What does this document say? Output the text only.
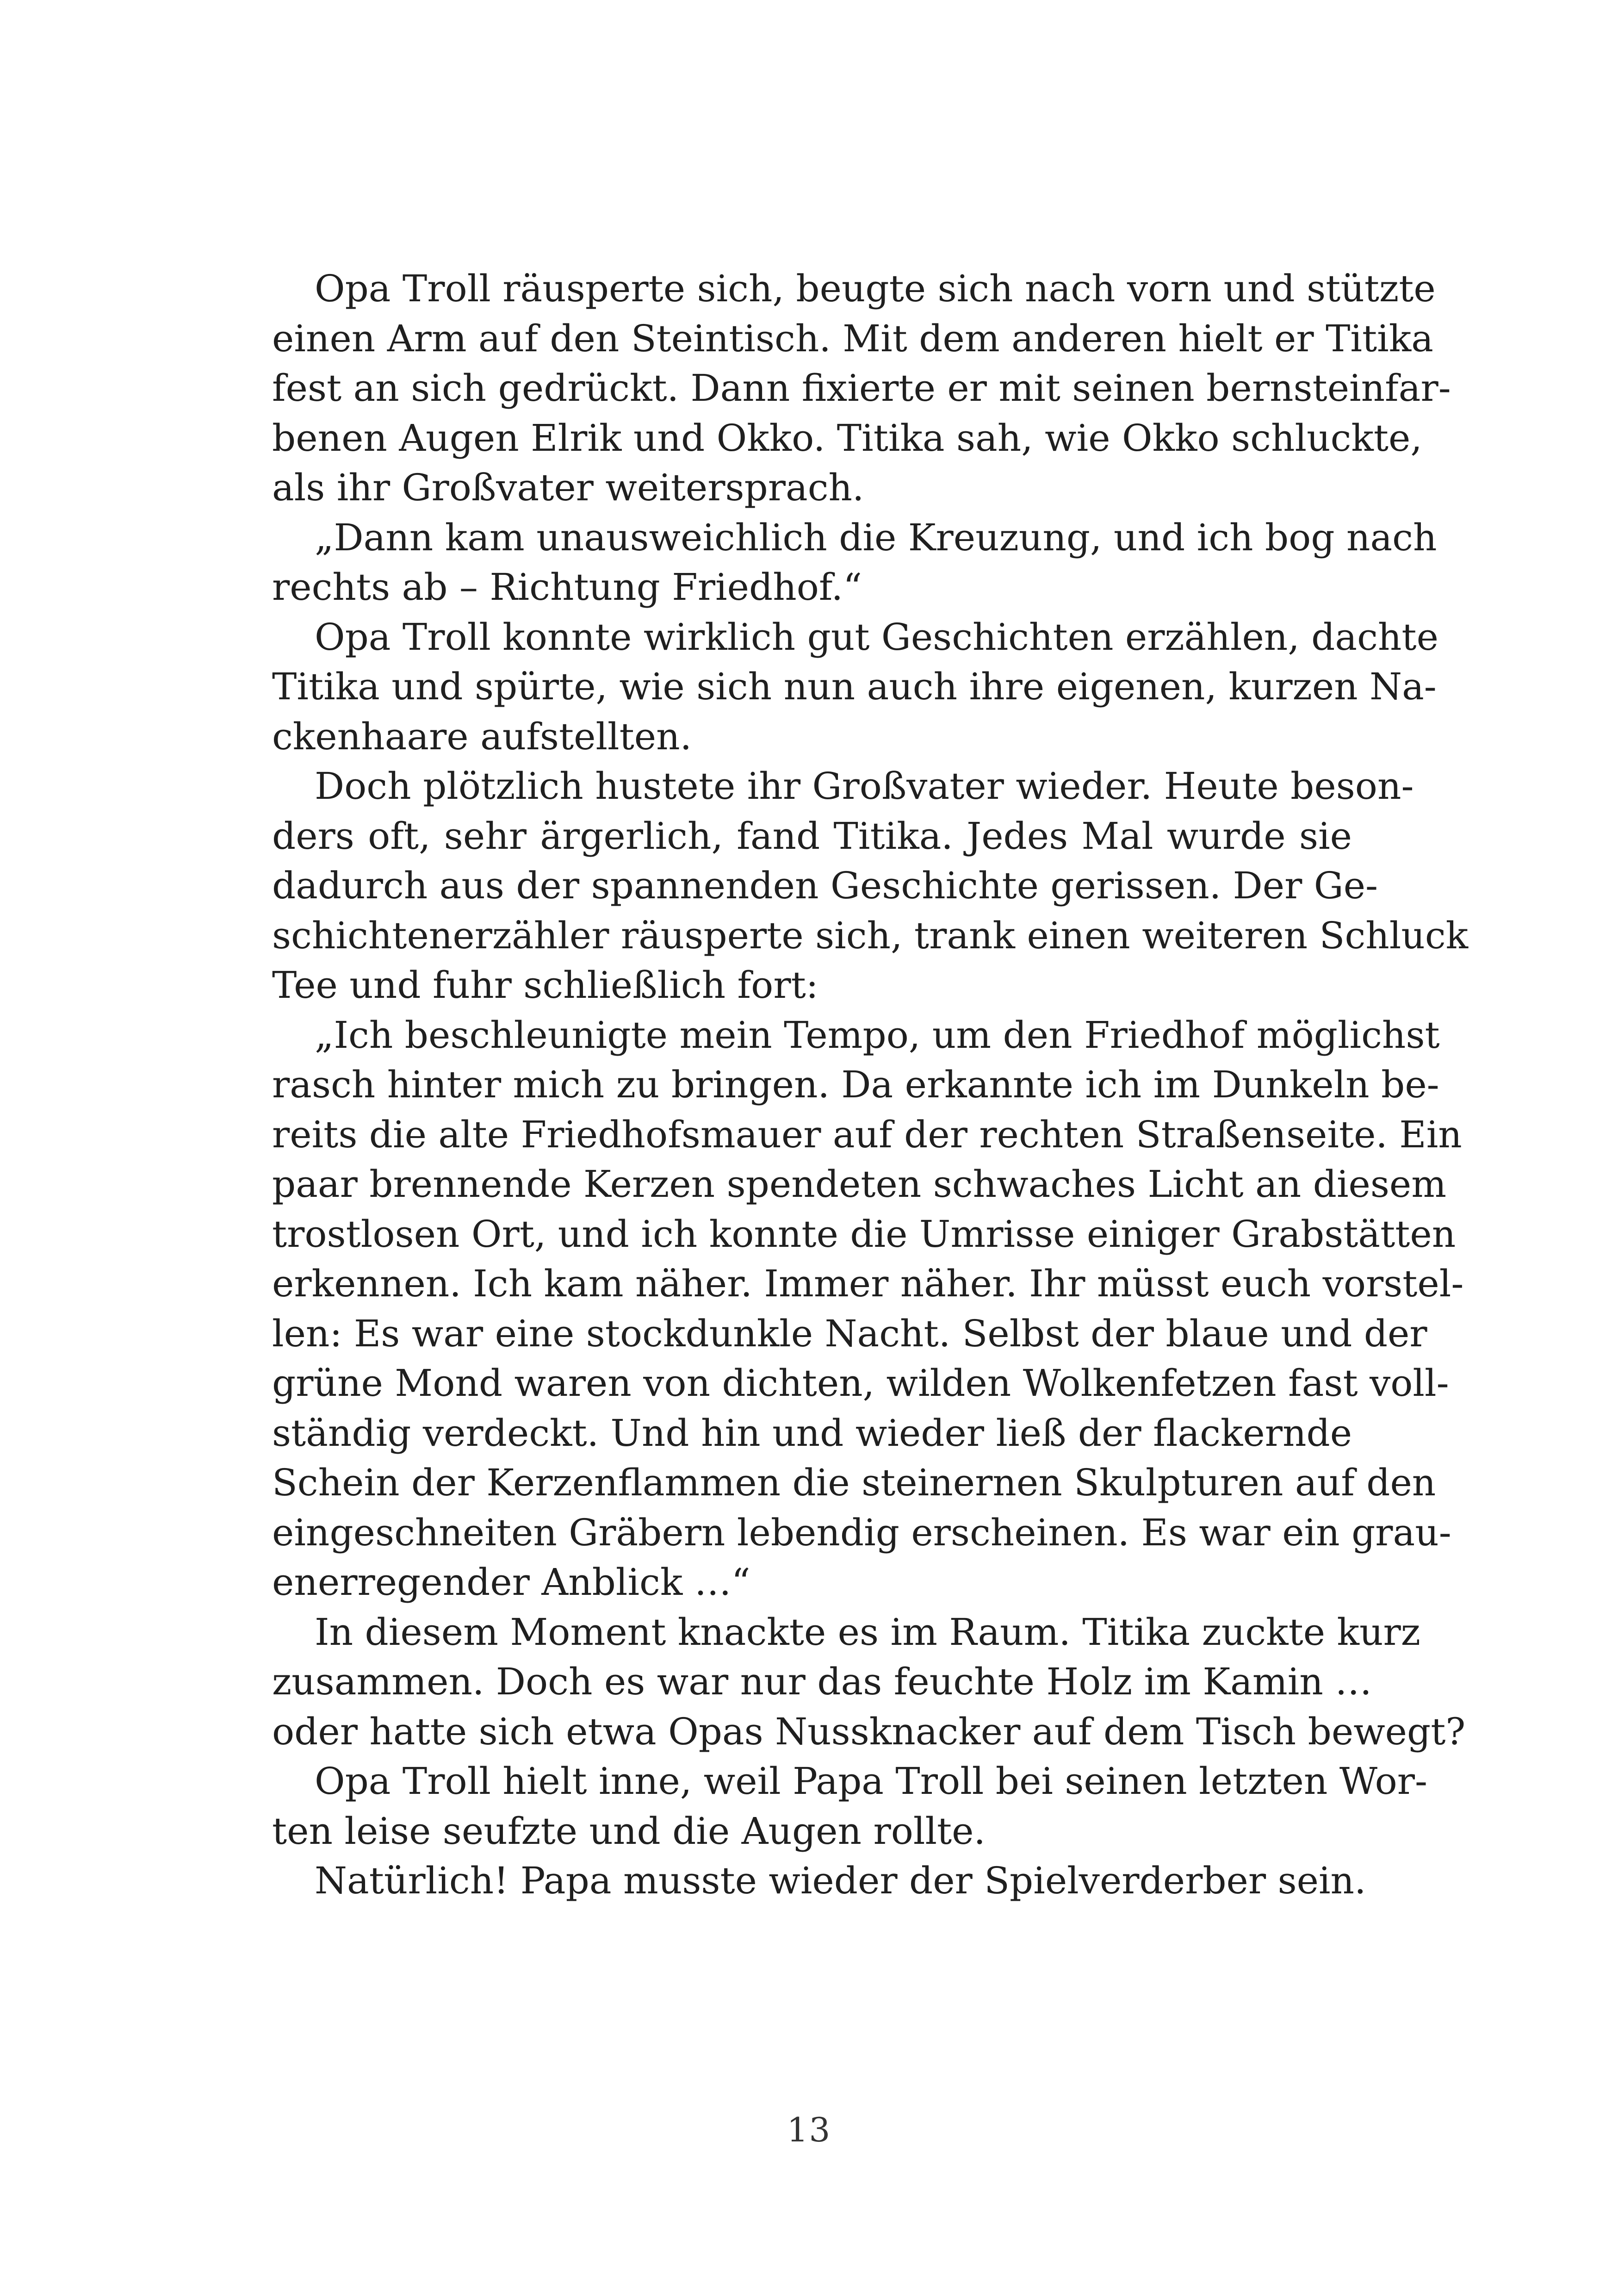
Opa Troll räusperte sich, beugte sich nach vorn und stützte
einen Arm auf den Steintisch. Mit dem anderen hielt er Titika
fest an sich gedrückt. Dann fixierte er mit seinen bernsteinfar-
benen Augen Elrik und Okko. Titika sah, wie Okko schluckte,
als ihr Großvater weitersprach.
„Dann kam unausweichlich die Kreuzung, und ich bog nach
rechts ab – Richtung Friedhof.“
Opa Troll konnte wirklich gut Geschichten erzählen, dachte
Titika und spürte, wie sich nun auch ihre eigenen, kurzen Na-
ckenhaare aufstellten.
Doch plötzlich hustete ihr Großvater wieder. Heute beson-
ders oft, sehr ärgerlich, fand Titika. Jedes Mal wurde sie
dadurch aus der spannenden Geschichte gerissen. Der Ge-
schichtenerzähler räusperte sich, trank einen weiteren Schluck
Tee und fuhr schließlich fort:
„Ich beschleunigte mein Tempo, um den Friedhof möglichst
rasch hinter mich zu bringen. Da erkannte ich im Dunkeln be-
reits die alte Friedhofsmauer auf der rechten Straßenseite. Ein
paar brennende Kerzen spendeten schwaches Licht an diesem
trostlosen Ort, und ich konnte die Umrisse einiger Grabstätten
erkennen. Ich kam näher. Immer näher. Ihr müsst euch vorstel-
len: Es war eine stockdunkle Nacht. Selbst der blaue und der
grüne Mond waren von dichten, wilden Wolkenfetzen fast voll-
ständig verdeckt. Und hin und wieder ließ der flackernde
Schein der Kerzenflammen die steinernen Skulpturen auf den
eingeschneiten Gräbern lebendig erscheinen. Es war ein grau-
enerregender Anblick …“
In diesem Moment knackte es im Raum. Titika zuckte kurz
zusammen. Doch es war nur das feuchte Holz im Kamin …
oder hatte sich etwa Opas Nussknacker auf dem Tisch bewegt?
Opa Troll hielt inne, weil Papa Troll bei seinen letzten Wor-
ten leise seufzte und die Augen rollte.
Natürlich! Papa musste wieder der Spielverderber sein.
13
